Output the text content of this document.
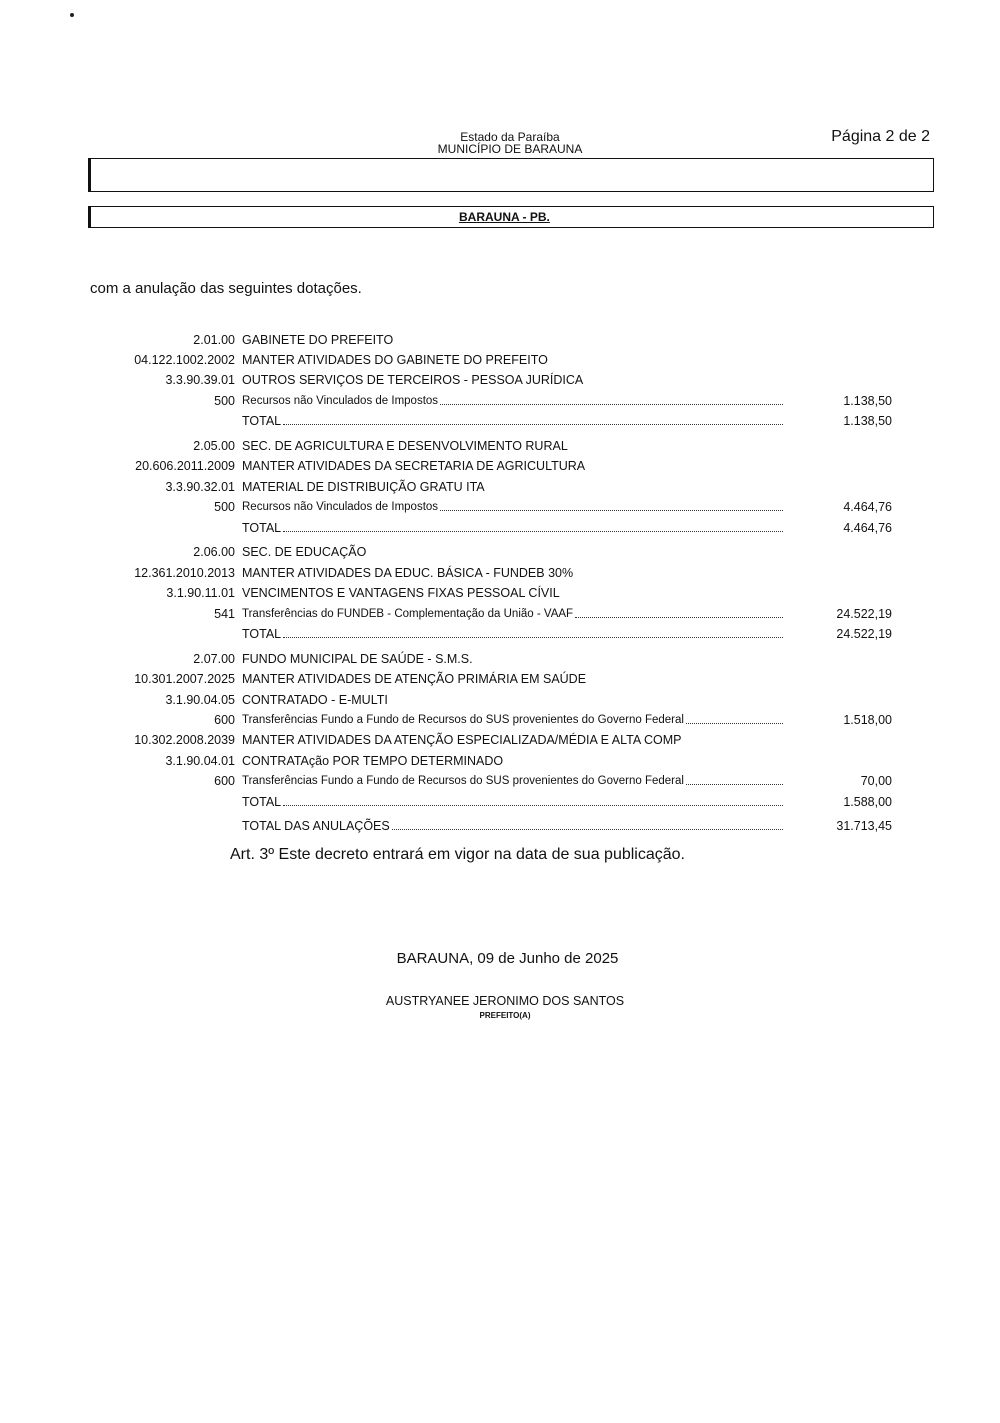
Estado da Paraíba
MUNICÍPIO DE BARAUNA
Página 2 de 2
BARAUNA - PB.
com a anulação das seguintes dotações.
2.01.00 GABINETE DO PREFEITO
04.122.1002.2002 MANTER ATIVIDADES DO GABINETE DO PREFEITO
3.3.90.39.01 OUTROS SERVIÇOS DE TERCEIROS - PESSOA JURÍDICA
500 Recursos não Vinculados de Impostos	1.138,50
TOTAL	1.138,50
2.05.00 SEC. DE AGRICULTURA E DESENVOLVIMENTO RURAL
20.606.2011.2009 MANTER ATIVIDADES DA SECRETARIA DE AGRICULTURA
3.3.90.32.01 MATERIAL DE DISTRIBUIÇÃO GRATU ITA
500 Recursos não Vinculados de Impostos	4.464,76
TOTAL	4.464,76
2.06.00 SEC. DE EDUCAÇÃO
12.361.2010.2013 MANTER ATIVIDADES DA EDUC. BÁSICA - FUNDEB 30%
3.1.90.11.01 VENCIMENTOS E VANTAGENS FIXAS PESSOAL CÍVIL
541 Transferências do FUNDEB - Complementação da União - VAAF	24.522,19
TOTAL	24.522,19
2.07.00 FUNDO MUNICIPAL DE SAÚDE - S.M.S.
10.301.2007.2025 MANTER ATIVIDADES DE ATENÇÃO PRIMÁRIA EM SAÚDE
3.1.90.04.05 CONTRATADO - E-MULTI
600 Transferências Fundo a Fundo de Recursos do SUS provenientes do Governo Federal	1.518,00
10.302.2008.2039 MANTER ATIVIDADES DA ATENÇÃO ESPECIALIZADA/MÉDIA E ALTA COMP
3.1.90.04.01 CONTRATAção POR TEMPO DETERMINADO
600 Transferências Fundo a Fundo de Recursos do SUS provenientes do Governo Federal	70,00
TOTAL	1.588,00
TOTAL DAS ANULAÇÕES	31.713,45
Art. 3º Este decreto entrará em vigor na data de sua publicação.
BARAUNA, 09 de Junho de 2025
AUSTRYANEE JERONIMO DOS SANTOS
PREFEITO(A)
